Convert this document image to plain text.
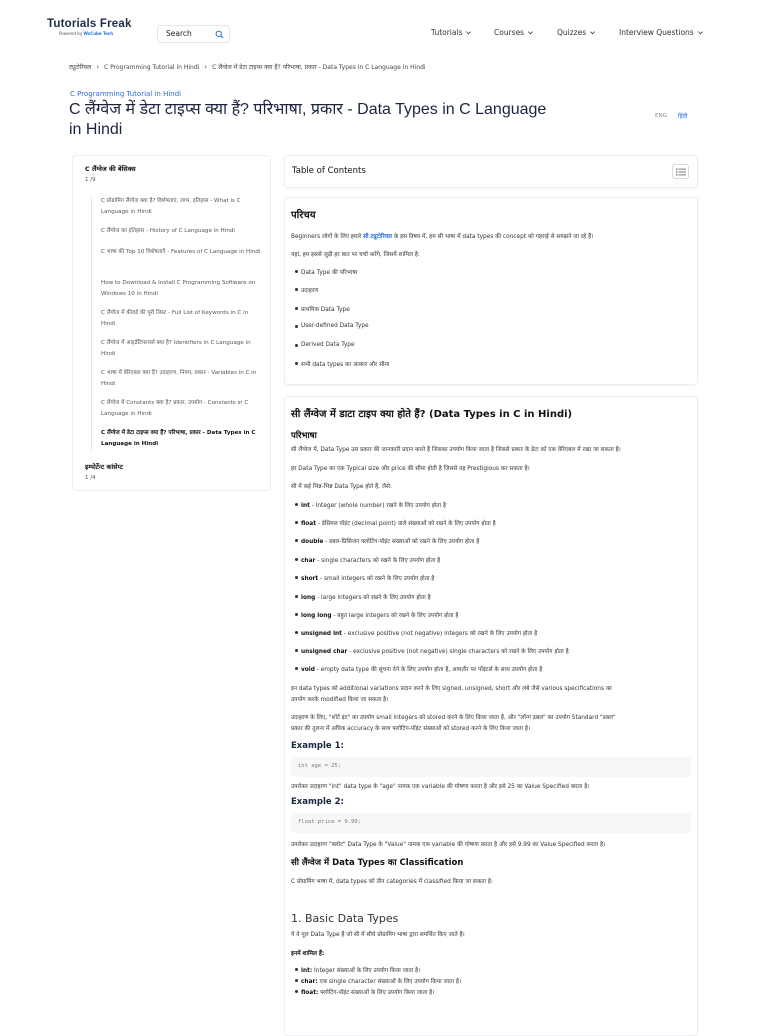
Tutorials Freak
Powered by WsCube Tech	Search	Tutorials	Courses	Quizzes	Interview Questions
ट्यूटोरियल › C Programming Tutorial in Hindi › C लैंग्वेज में डेटा टाइप्स क्या हैं? परिभाषा, प्रकार - Data Types in C Language in Hindi
C Programming Tutorial in Hindi
C लैंग्वेज में डेटा टाइप्स क्या हैं? परिभाषा, प्रकार - Data Types in C Language in Hindi
ENG हिंदी
C लैंग्वेज की बेसिक्स
1 /9
C प्रोग्रामिंग लैंग्वेज क्या है? विशेषताएं, लाभ, इतिहास - What is C Language in Hindi
C लैंग्वेज का इतिहास - History of C Language in Hindi
C भाषा की Top 10 विशेषताएँ - Features of C Language in Hindi
How to Download & Install C Programming Software on Windows 10 in Hindi
C लैंग्वेज में कीवर्ड की पूरी लिस्ट - Full List of Keywords in C in Hindi
C लैंग्वेज में आइडेंटिफायर्स क्या है? Identifiers in C Language in Hindi
C भाषा में वेरिएबल क्या हैं? उदाहरण, नियम, प्रकार - Variables in C in Hindi
C लैंग्वेज में Constants क्या है? प्रकार, उपयोग - Constants in C Language in Hindi
C लैंग्वेज में डेटा टाइप्स क्या हैं? परिभाषा, प्रकार - Data Types in C Language in Hindi
इम्पोर्टेन्ट कांसेप्ट
1 /4
Table of Contents
परिचय
Beginners लोगों के लिए हमारे सी ट्यूटोरियल के इस विषय में, हम सी भाषा में data types की concept को गहराई से समझने जा रहे हैं।
यहां, हम इससे जुड़ी हर बात पर चर्चा करेंगे, जिसमें शामिल है:
Data Type की परिभाषा
उदाहरण
प्राथमिक Data Type
User-defined Data Type
Derived Data Type
सभी data types का आकार और सीमा
सी लैंग्वेज में डाटा टाइप क्या होते हैं? (Data Types in C in Hindi)
परिभाषा
सी लैंग्वेज में, Data Type उस प्रकार की जानकारी प्रदान करते हैं जिसका उपयोग किया जाता है जिससे प्रकार के डेटा को एक वेरिएबल में रखा जा सकता है।
हर Data Type का एक Typical size और price की सीमा होती है जिससे वह Prestigious कर सकता है।
सी में कई भिन्न-भिन्न Data Type होते हैं, जैसे:
int - Integer (whole number) रखने के लिए उपयोग होता है
float - डेसिमल पॉइंट (decimal point) वाले संख्याओं को रखने के लिए उपयोग होता है
double - डबल-प्रिसिजन फ्लोटिंग-पॉइंट संख्याओं को रखने के लिए उपयोग होता है
char - single characters को रखने के लिए उपयोग होता है
short - small integers को रखने के लिए उपयोग होता है
long - large integers को रखने के लिए उपयोग होता है
long long - बहुत large integers को रखने के लिए उपयोग होता है
unsigned int - exclusive positive (not negative) integers को रखने के लिए उपयोग होता है
unsigned char - exclusive positive (not negative) single characters को रखने के लिए उपयोग होता है
void - empty data type की सूचना देने के लिए उपयोग होता है, आमतौर पर पॉइंटर्स के साथ उपयोग होता है
इन data types को additional variations प्रदान करने के लिए signed, unsigned, short और लंबे जैसे various specifications का
उपयोग करके modified किया जा सकता है।
उदाहरण के लिए, "शॉर्ट इंट" का उपयोग small integers को stored करने के लिए किया जाता है, और "लॉन्ग डबल" का उपयोग Standard "डबल"
प्रकार की तुलना में अधिक accuracy के साथ फ्लोटिंग-पॉइंट संख्याओं को stored करने के लिए किया जाता है।
Example 1:
int age = 25;
उपरोक्त उदाहरण "int" data type के "age" नामक एक variable की घोषणा करता है और इसे 25 का Value Specified करता है।
Example 2:
float price = 9.99;
उपरोक्त उदाहरण "फ्लोट" Data Type के "Value" नामक एक variable की घोषणा करता है और इसे 9.99 का Value Specified करता है।
सी लैंग्वेज में Data Types का Classification
C प्रोग्रामिंग भाषा में, data types को तीन categories में classified किया जा सकता है:
1. Basic Data Types
ये वे मूल Data Type हैं जो सी में सीधे प्रोग्रामिंग भाषा द्वारा समर्थित किए जाते हैं।
इनमें शामिल हैं:
int: Integer संख्याओं के लिए उपयोग किया जाता है।
char: एक single character संख्याओं के लिए उपयोग किया जाता है।
float: फ्लोटिंग-पॉइंट संख्याओं के लिए उपयोग किया जाता है।
